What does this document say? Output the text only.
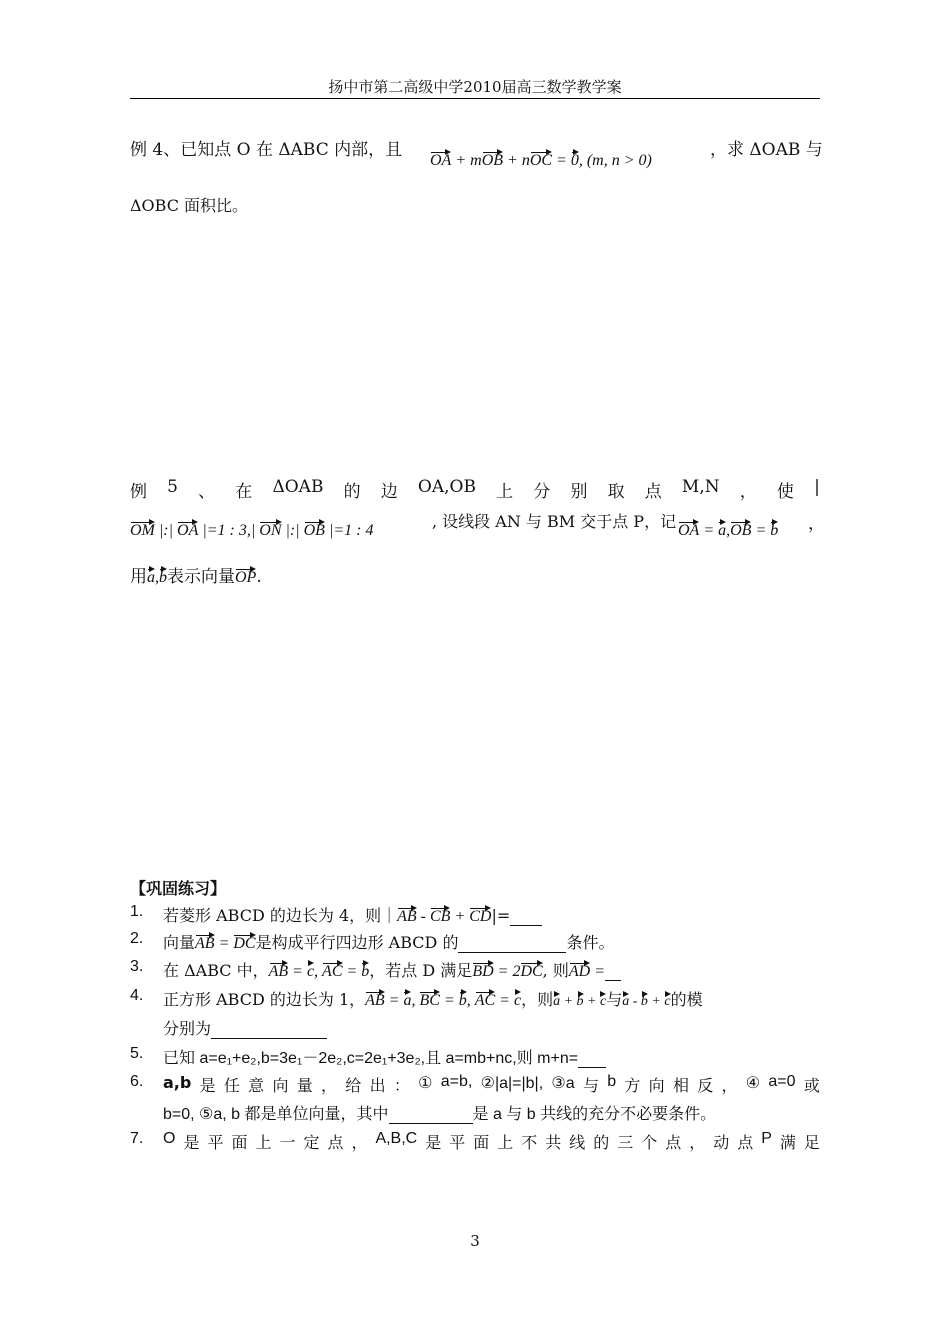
扬中市第二高级中学2010届高三数学教学案
例 4、已知点 O 在 ΔABC 内部，且
OA + mOB + nOC = 0, (m, n > 0)
，求 ΔOAB 与
ΔOBC 面积比。
例 5 、 在 ΔOAB 的 边 OA,OB 上 分 别 取 点 M,N ， 使 |
OM |:| OA |=1 : 3,| ON |:| OB |=1 : 4	, 设线段 AN 与 BM 交于点 P，记 OA = a,OB = b ，
用a,b表示向量OP.
【巩固练习】
1. 若菱形 ABCD 的边长为 4，则｜AB - CB + CD|=
2. 向量AB = DC是构成平行四边形 ABCD 的	条件。
3. 在 ΔABC 中，AB = c, AC = b，若点 D 满足BD = 2DC, 则AD =
4. 正方形 ABCD 的边长为 1，AB = a, BC = b, AC = c，则a + b + c与a - b + c的模
分别为
5. 已知 a=e₁+e₂,b=3e₁－2e₂,c=2e₁+3e₂,且 a=mb+nc,则 m+n=
6. a,b 是 任 意 向 量 ， 给 出 ： ① a=b, ②|a|=|b|, ③a 与 b 方 向 相 反 ， ④ a=0 或
b=0, ⑤a, b 都是单位向量，其中	是 a 与 b 共线的充分不必要条件。
7. O 是 平 面 上 一 定 点 ， A,B,C 是 平 面 上 不 共 线 的 三 个 点 ， 动 点 P 满 足
3
